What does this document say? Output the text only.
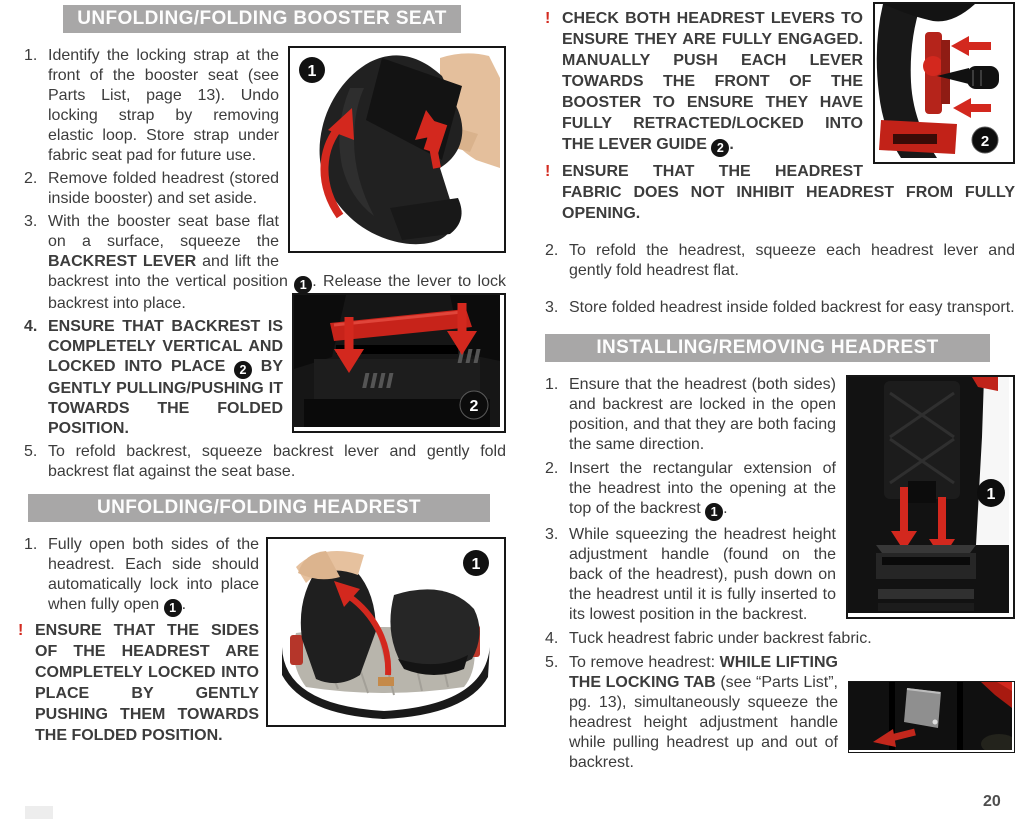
UNFOLDING/FOLDING BOOSTER SEAT
1

1. Identify the locking strap at the front of the booster seat (see Parts List, page 13). Undo locking strap by removing elastic loop. Store strap under fabric seat pad for future use.

2. Remove folded headrest (stored inside booster) and set aside.

3. With the booster seat base flat on a surface, squeeze the BACKREST LEVER and lift the backrest into the vertical position 1 . Release the lever to lock backrest into place.

2

4. ENSURE THAT BACKREST IS COMPLETELY VERTICAL AND LOCKED INTO PLACE 2 BY GENTLY PULLING/​PUSHING IT TOWARDS THE FOLDED POSITION.

5. To refold backrest, squeeze backrest lever and gently fold backrest flat against the seat base.

UNFOLDING/FOLDING HEADREST
1

1. Fully open both sides of the headrest. Each side should automatically lock into place when fully open 1 .

! ENSURE THAT THE SIDES OF THE HEADREST ARE COMPLETELY LOCKED INTO PLACE BY GENTLY PUSHING THEM TOWARDS THE FOLDED POSITION.

2

! CHECK BOTH HEADREST LEVERS TO ENSURE THEY ARE FULLY ENGAGED. MANUALLY PUSH EACH LEVER TOWARDS THE FRONT OF THE BOOSTER TO ENSURE THEY HAVE FULLY RETRACTED/LOCKED INTO THE LEVER GUIDE 2 .

! ENSURE THAT THE HEADREST FABRIC DOES NOT INHIBIT HEADREST FROM FULLY OPENING.

2. To refold the headrest, squeeze each headrest lever and gently fold headrest flat.

3. Store folded headrest inside folded backrest for easy transport.

INSTALLING/REMOVING HEADREST
1

1. Ensure that the headrest (both sides) and backrest are locked in the open position, and that they are both facing the same direction.

2. Insert the rectangular extension of the headrest into the opening at the top of the backrest 1 .

3. While squeezing the headrest height adjustment handle (found on the back of the headrest), push down on the headrest until it is fully inserted to its lowest position in the backrest.

4. Tuck headrest fabric under backrest fabric.

5. To remove headrest: WHILE LIFTING THE LOCKING TAB (see “Parts List”, pg. 13), simultaneously squeeze the headrest height adjustment handle while pulling headrest up and out of backrest.

20
